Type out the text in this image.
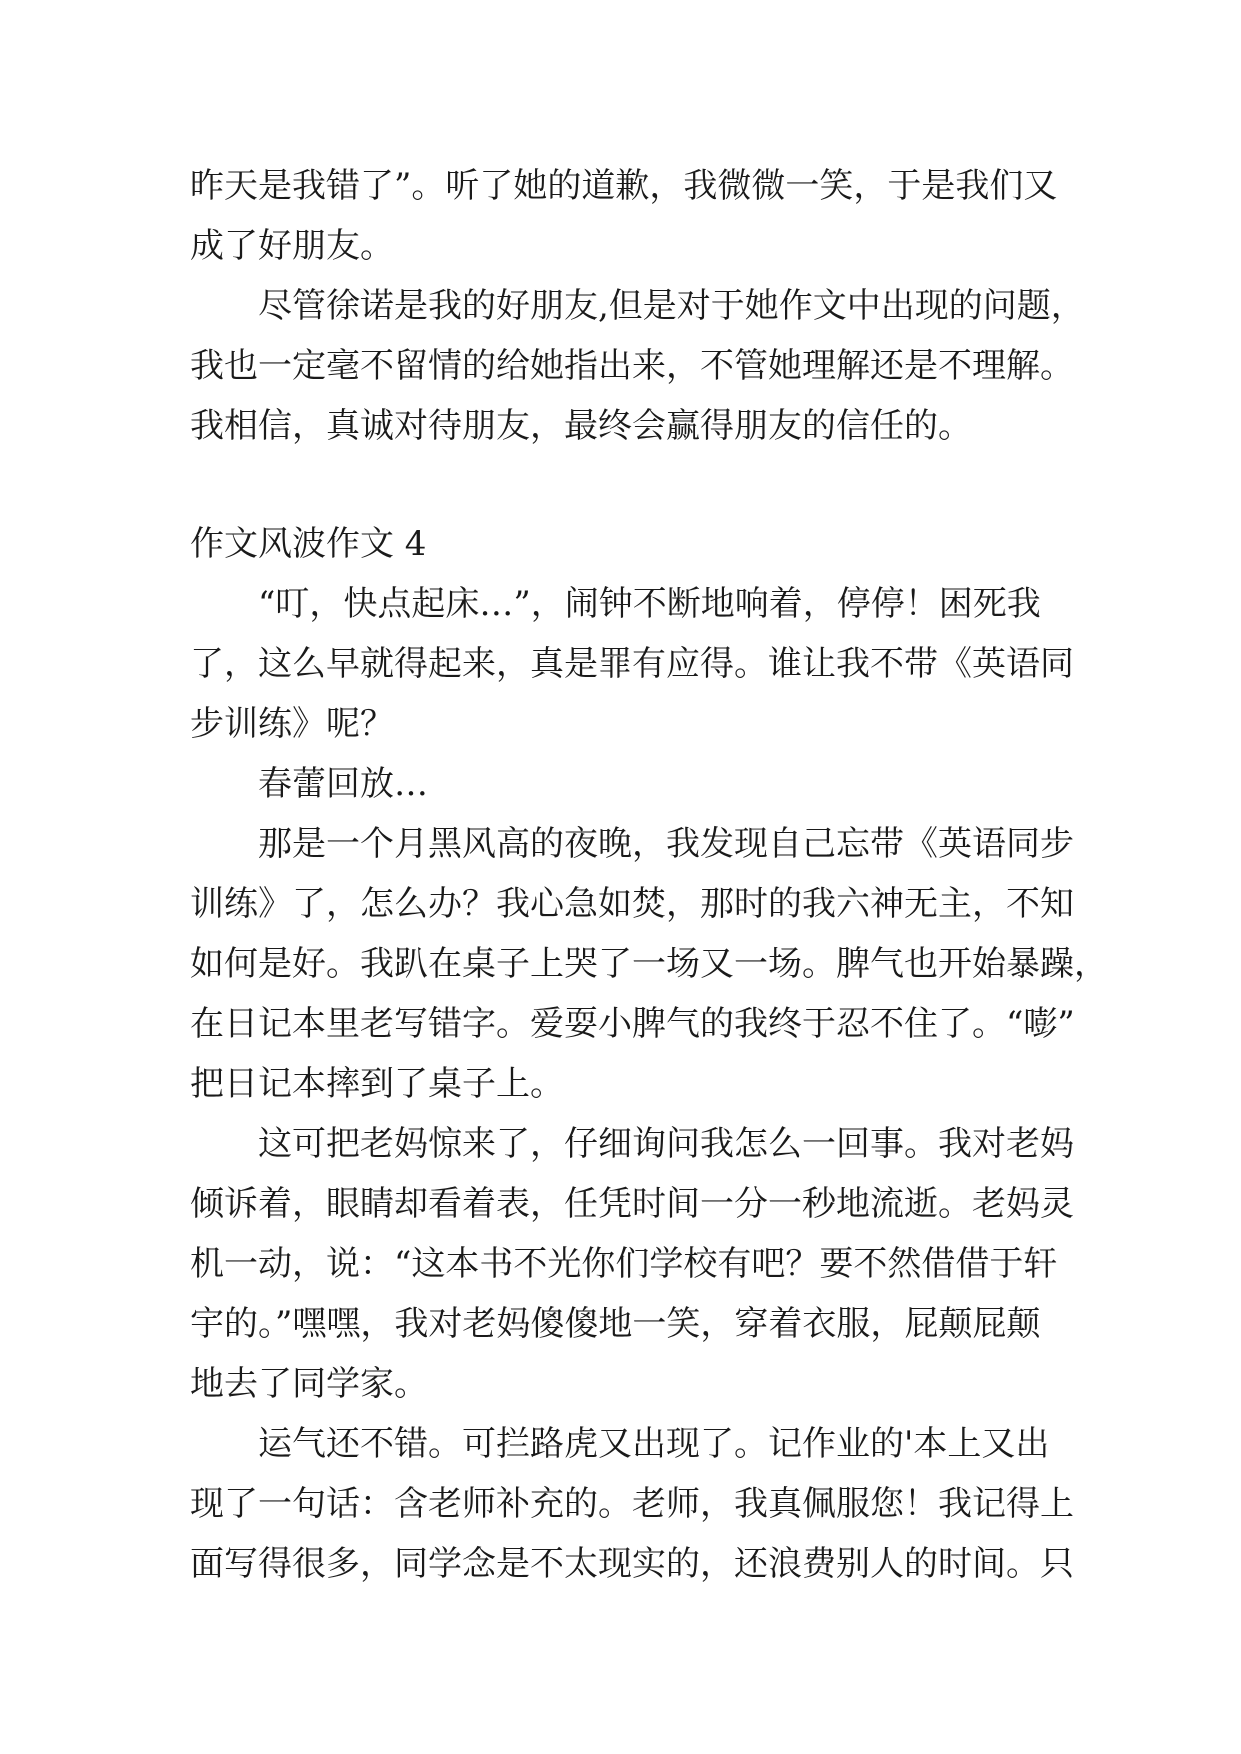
昨天是我错了”。听了她的道歉，我微微一笑，于是我们又
成了好朋友。
尽管徐诺是我的好朋友,但是对于她作文中出现的问题，
我也一定毫不留情的给她指出来，不管她理解还是不理解。
我相信，真诚对待朋友，最终会赢得朋友的信任的。
作文风波作文 4
“叮，快点起床…”，闹钟不断地响着，停停！困死我
了，这么早就得起来，真是罪有应得。谁让我不带《英语同
步训练》呢？
春蕾回放…
那是一个月黑风高的夜晚，我发现自己忘带《英语同步
训练》了，怎么办？我心急如焚，那时的我六神无主，不知
如何是好。我趴在桌子上哭了一场又一场。脾气也开始暴躁，
在日记本里老写错字。爱耍小脾气的我终于忍不住了。“嘭”
把日记本摔到了桌子上。
这可把老妈惊来了，仔细询问我怎么一回事。我对老妈
倾诉着，眼睛却看着表，任凭时间一分一秒地流逝。老妈灵
机一动，说：“这本书不光你们学校有吧？要不然借借于轩
宇的。”嘿嘿，我对老妈傻傻地一笑，穿着衣服，屁颠屁颠
地去了同学家。
运气还不错。可拦路虎又出现了。记作业的'本上又出
现了一句话：含老师补充的。老师，我真佩服您！我记得上
面写得很多，同学念是不太现实的，还浪费别人的时间。只
